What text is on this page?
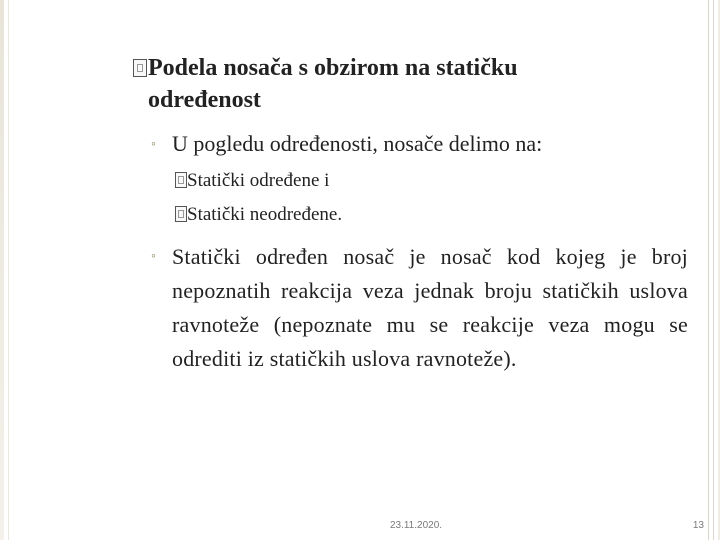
Podela nosača s obzirom na statičku
određenost
◦ U pogledu određenosti, nosače delimo na:
Statički određene i
Statički neodređene.
◦ Statički određen nosač je nosač kod kojeg je broj nepoznatih reakcija veza jednak broju statičkih uslova ravnoteže (nepoznate mu se reakcije veza mogu se odrediti iz statičkih uslova ravnoteže).
23.11.2020.	13
